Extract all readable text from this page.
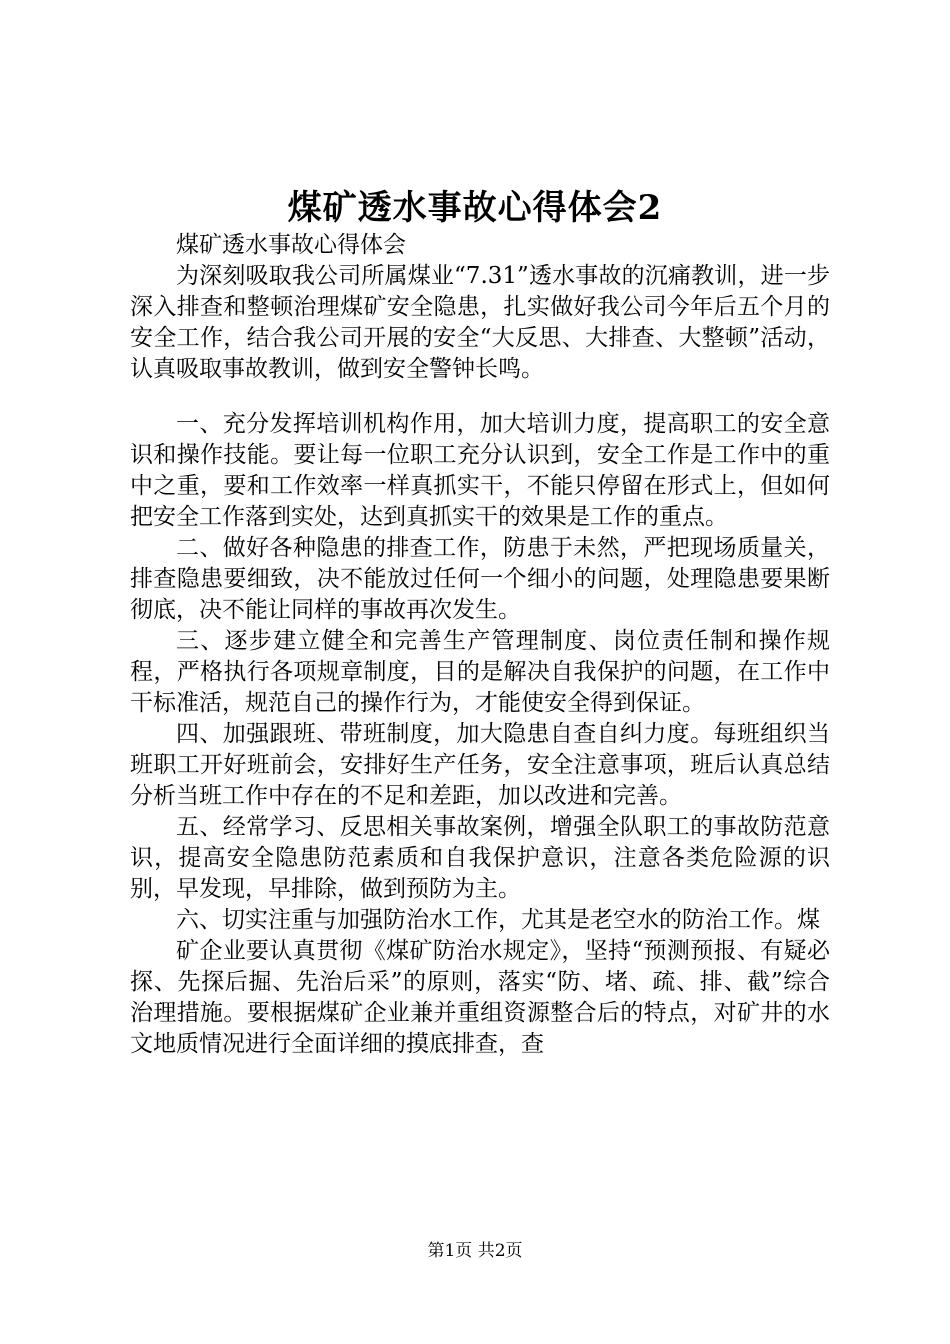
煤矿透水事故心得体会2

煤矿透水事故心得体会

为深刻吸取我公司所属煤业“7.31”透水事故的沉痛教训，进一步深入排查和整顿治理煤矿安全隐患，扎实做好我公司今年后五个月的安全工作，结合我公司开展的安全“大反思、大排查、大整顿”活动，认真吸取事故教训，做到安全警钟长鸣。

一、充分发挥培训机构作用，加大培训力度，提高职工的安全意识和操作技能。要让每一位职工充分认识到，安全工作是工作中的重中之重，要和工作效率一样真抓实干，不能只停留在形式上，但如何把安全工作落到实处，达到真抓实干的效果是工作的重点。

二、做好各种隐患的排查工作，防患于未然，严把现场质量关，排查隐患要细致，决不能放过任何一个细小的问题，处理隐患要果断彻底，决不能让同样的事故再次发生。

三、逐步建立健全和完善生产管理制度、岗位责任制和操作规程，严格执行各项规章制度，目的是解决自我保护的问题，在工作中干标准活，规范自己的操作行为，才能使安全得到保证。

四、加强跟班、带班制度，加大隐患自查自纠力度。每班组织当班职工开好班前会，安排好生产任务，安全注意事项，班后认真总结分析当班工作中存在的不足和差距，加以改进和完善。

五、经常学习、反思相关事故案例，增强全队职工的事故防范意识，提高安全隐患防范素质和自我保护意识，注意各类危险源的识别，早发现，早排除，做到预防为主。

六、切实注重与加强防治水工作，尤其是老空水的防治工作。煤

矿企业要认真贯彻《煤矿防治水规定》，坚持“预测预报、有疑必探、先探后掘、先治后采”的原则，落实“防、堵、疏、排、截”综合治理措施。要根据煤矿企业兼并重组资源整合后的特点，对矿井的水文地质情况进行全面详细的摸底排查，查

第1页 共2页
